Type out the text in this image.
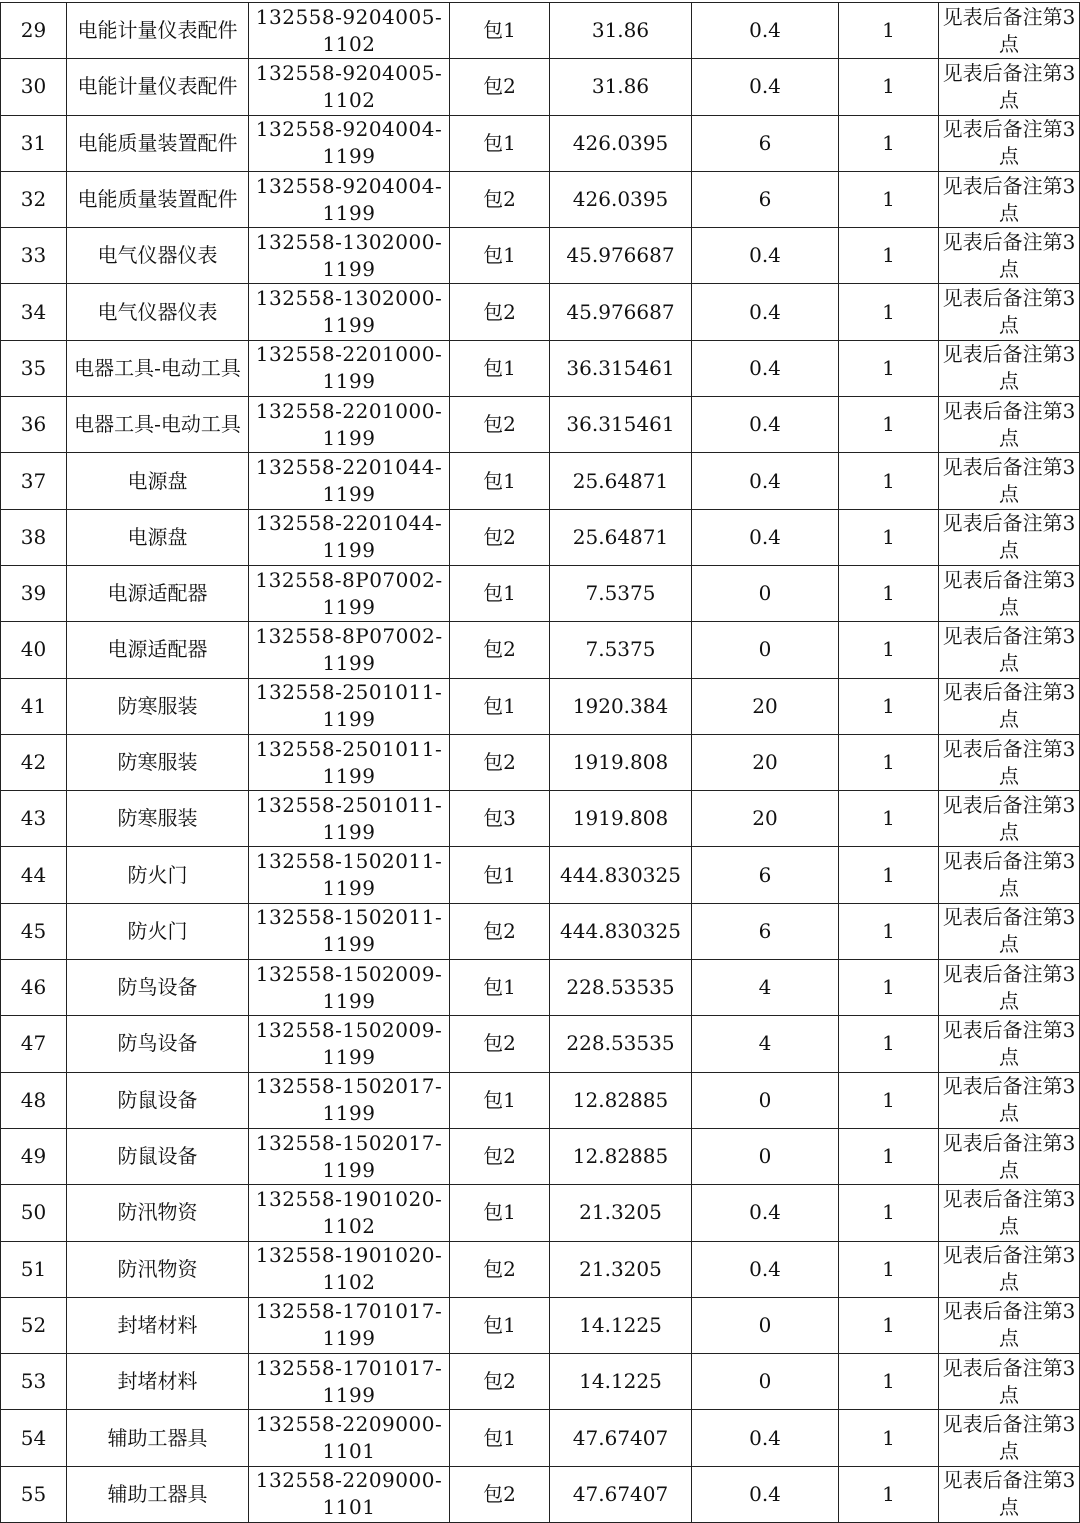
29	电能计量仪表配件	132558-9204005-1102	包1	31.86	0.4	1	见表后备注第3点
30	电能计量仪表配件	132558-9204005-1102	包2	31.86	0.4	1	见表后备注第3点
31	电能质量装置配件	132558-9204004-1199	包1	426.0395	6	1	见表后备注第3点
32	电能质量装置配件	132558-9204004-1199	包2	426.0395	6	1	见表后备注第3点
33	电气仪器仪表	132558-1302000-1199	包1	45.976687	0.4	1	见表后备注第3点
34	电气仪器仪表	132558-1302000-1199	包2	45.976687	0.4	1	见表后备注第3点
35	电器工具-电动工具	132558-2201000-1199	包1	36.315461	0.4	1	见表后备注第3点
36	电器工具-电动工具	132558-2201000-1199	包2	36.315461	0.4	1	见表后备注第3点
37	电源盘	132558-2201044-1199	包1	25.64871	0.4	1	见表后备注第3点
38	电源盘	132558-2201044-1199	包2	25.64871	0.4	1	见表后备注第3点
39	电源适配器	132558-8P07002-1199	包1	7.5375	0	1	见表后备注第3点
40	电源适配器	132558-8P07002-1199	包2	7.5375	0	1	见表后备注第3点
41	防寒服装	132558-2501011-1199	包1	1920.384	20	1	见表后备注第3点
42	防寒服装	132558-2501011-1199	包2	1919.808	20	1	见表后备注第3点
43	防寒服装	132558-2501011-1199	包3	1919.808	20	1	见表后备注第3点
44	防火门	132558-1502011-1199	包1	444.830325	6	1	见表后备注第3点
45	防火门	132558-1502011-1199	包2	444.830325	6	1	见表后备注第3点
46	防鸟设备	132558-1502009-1199	包1	228.53535	4	1	见表后备注第3点
47	防鸟设备	132558-1502009-1199	包2	228.53535	4	1	见表后备注第3点
48	防鼠设备	132558-1502017-1199	包1	12.82885	0	1	见表后备注第3点
49	防鼠设备	132558-1502017-1199	包2	12.82885	0	1	见表后备注第3点
50	防汛物资	132558-1901020-1102	包1	21.3205	0.4	1	见表后备注第3点
51	防汛物资	132558-1901020-1102	包2	21.3205	0.4	1	见表后备注第3点
52	封堵材料	132558-1701017-1199	包1	14.1225	0	1	见表后备注第3点
53	封堵材料	132558-1701017-1199	包2	14.1225	0	1	见表后备注第3点
54	辅助工器具	132558-2209000-1101	包1	47.67407	0.4	1	见表后备注第3点
55	辅助工器具	132558-2209000-1101	包2	47.67407	0.4	1	见表后备注第3点
